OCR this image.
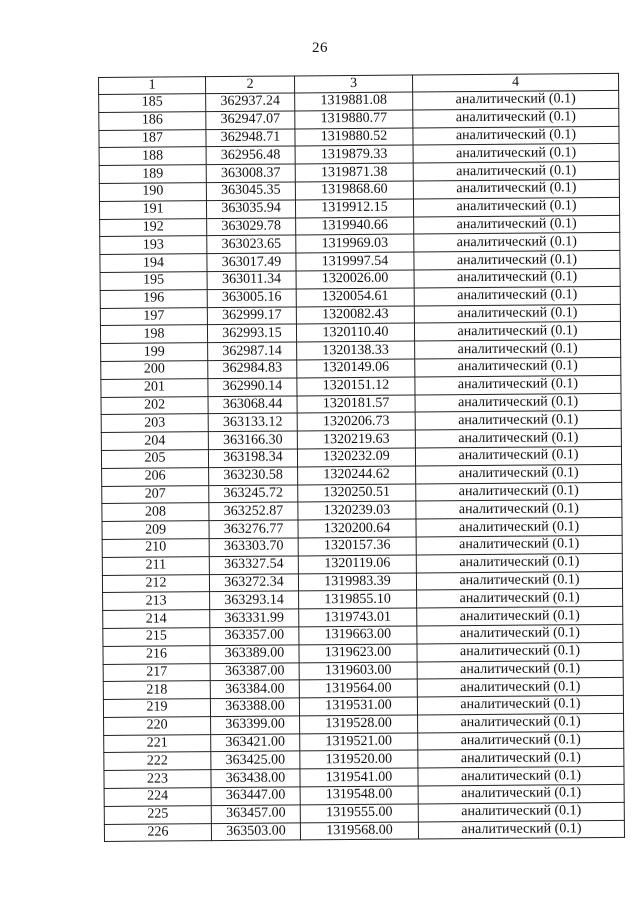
26
1	2	3	4
185	362937.24	1319881.08	аналитический (0.1)
186	362947.07	1319880.77	аналитический (0.1)
187	362948.71	1319880.52	аналитический (0.1)
188	362956.48	1319879.33	аналитический (0.1)
189	363008.37	1319871.38	аналитический (0.1)
190	363045.35	1319868.60	аналитический (0.1)
191	363035.94	1319912.15	аналитический (0.1)
192	363029.78	1319940.66	аналитический (0.1)
193	363023.65	1319969.03	аналитический (0.1)
194	363017.49	1319997.54	аналитический (0.1)
195	363011.34	1320026.00	аналитический (0.1)
196	363005.16	1320054.61	аналитический (0.1)
197	362999.17	1320082.43	аналитический (0.1)
198	362993.15	1320110.40	аналитический (0.1)
199	362987.14	1320138.33	аналитический (0.1)
200	362984.83	1320149.06	аналитический (0.1)
201	362990.14	1320151.12	аналитический (0.1)
202	363068.44	1320181.57	аналитический (0.1)
203	363133.12	1320206.73	аналитический (0.1)
204	363166.30	1320219.63	аналитический (0.1)
205	363198.34	1320232.09	аналитический (0.1)
206	363230.58	1320244.62	аналитический (0.1)
207	363245.72	1320250.51	аналитический (0.1)
208	363252.87	1320239.03	аналитический (0.1)
209	363276.77	1320200.64	аналитический (0.1)
210	363303.70	1320157.36	аналитический (0.1)
211	363327.54	1320119.06	аналитический (0.1)
212	363272.34	1319983.39	аналитический (0.1)
213	363293.14	1319855.10	аналитический (0.1)
214	363331.99	1319743.01	аналитический (0.1)
215	363357.00	1319663.00	аналитический (0.1)
216	363389.00	1319623.00	аналитический (0.1)
217	363387.00	1319603.00	аналитический (0.1)
218	363384.00	1319564.00	аналитический (0.1)
219	363388.00	1319531.00	аналитический (0.1)
220	363399.00	1319528.00	аналитический (0.1)
221	363421.00	1319521.00	аналитический (0.1)
222	363425.00	1319520.00	аналитический (0.1)
223	363438.00	1319541.00	аналитический (0.1)
224	363447.00	1319548.00	аналитический (0.1)
225	363457.00	1319555.00	аналитический (0.1)
226	363503.00	1319568.00	аналитический (0.1)
